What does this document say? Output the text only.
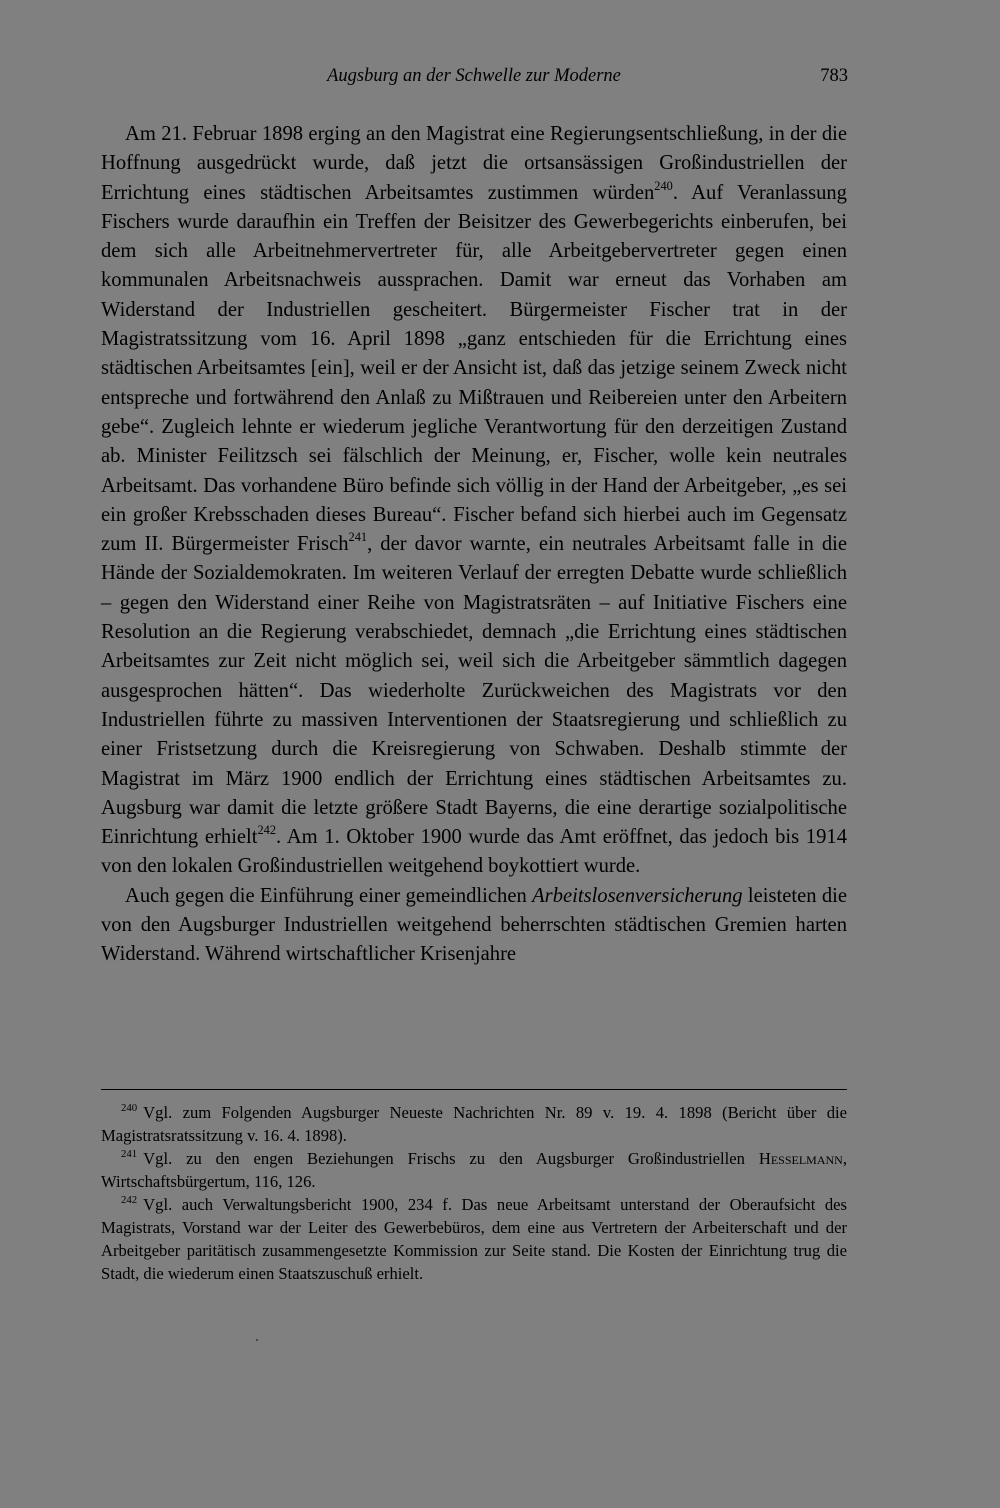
Augsburg an der Schwelle zur Moderne	783

Am 21. Februar 1898 erging an den Magistrat eine Regierungsentschließung, in der die Hoffnung ausgedrückt wurde, daß jetzt die ortsansässigen Großindustriellen der Errichtung eines städtischen Arbeitsamtes zustimmen würden$^{240}$. Auf Veranlassung Fischers wurde daraufhin ein Treffen der Beisitzer des Gewerbegerichts einberufen, bei dem sich alle Arbeitnehmervertreter für, alle Arbeitgebervertreter gegen einen kommunalen Arbeitsnachweis aussprachen. Damit war erneut das Vorhaben am Widerstand der Industriellen gescheitert. Bürgermeister Fischer trat in der Magistratssitzung vom 16. April 1898 „ganz entschieden für die Errichtung eines städtischen Arbeitsamtes [ein], weil er der Ansicht ist, daß das jetzige seinem Zweck nicht entspreche und fortwährend den Anlaß zu Mißtrauen und Reibereien unter den Arbeitern gebe“. Zugleich lehnte er wiederum jegliche Verantwortung für den derzeitigen Zustand ab. Minister Feilitzsch sei fälschlich der Meinung, er, Fischer, wolle kein neutrales Arbeitsamt. Das vorhandene Büro befinde sich völlig in der Hand der Arbeitgeber, „es sei ein großer Krebsschaden dieses Bureau“. Fischer befand sich hierbei auch im Gegensatz zum II. Bürgermeister Frisch$^{241}$, der davor warnte, ein neutrales Arbeitsamt falle in die Hände der Sozialdemokraten. Im weiteren Verlauf der erregten Debatte wurde schließlich – gegen den Widerstand einer Reihe von Magistratsräten – auf Initiative Fischers eine Resolution an die Regierung verabschiedet, demnach „die Errichtung eines städtischen Arbeitsamtes zur Zeit nicht möglich sei, weil sich die Arbeitgeber sämmtlich dagegen ausgesprochen hätten“. Das wiederholte Zurückweichen des Magistrats vor den Industriellen führte zu massiven Interventionen der Staatsregierung und schließlich zu einer Fristsetzung durch die Kreisregierung von Schwaben. Deshalb stimmte der Magistrat im März 1900 endlich der Errichtung eines städtischen Arbeitsamtes zu. Augsburg war damit die letzte größere Stadt Bayerns, die eine derartige sozialpolitische Einrichtung erhielt$^{242}$. Am 1. Oktober 1900 wurde das Amt eröffnet, das jedoch bis 1914 von den lokalen Großindustriellen weitgehend boykottiert wurde.

Auch gegen die Einführung einer gemeindlichen Arbeitslosenversicherung leisteten die von den Augsburger Industriellen weitgehend beherrschten städtischen Gremien harten Widerstand. Während wirtschaftlicher Krisenjahre

$^{240}$ Vgl. zum Folgenden Augsburger Neueste Nachrichten Nr. 89 v. 19. 4. 1898 (Bericht über die Magistratsratssitzung v. 16. 4. 1898).

$^{241}$ Vgl. zu den engen Beziehungen Frischs zu den Augsburger Großindustriellen Hesselmann, Wirtschaftsbürgertum, 116, 126.

$^{242}$ Vgl. auch Verwaltungsbericht 1900, 234 f. Das neue Arbeitsamt unterstand der Oberaufsicht des Magistrats, Vorstand war der Leiter des Gewerbebüros, dem eine aus Vertretern der Arbeiterschaft und der Arbeitgeber paritätisch zusammengesetzte Kommission zur Seite stand. Die Kosten der Einrichtung trug die Stadt, die wiederum einen Staatszuschuß erhielt.
